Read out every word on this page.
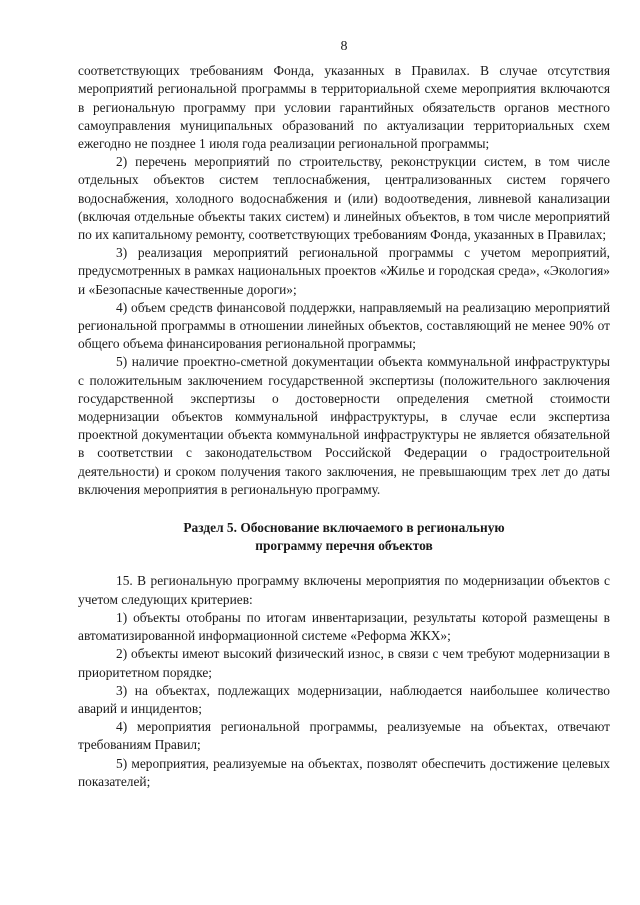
8

соответствующих требованиям Фонда, указанных в Правилах. В случае отсутствия мероприятий региональной программы в территориальной схеме мероприятия включаются в региональную программу при условии гарантийных обязательств органов местного самоуправления муниципальных образований по актуализации территориальных схем ежегодно не позднее 1 июля года реализации региональной программы;

2) перечень мероприятий по строительству, реконструкции систем, в том числе отдельных объектов систем теплоснабжения, централизованных систем горячего водоснабжения, холодного водоснабжения и (или) водоотведения, ливневой канализации (включая отдельные объекты таких систем) и линейных объектов, в том числе мероприятий по их капитальному ремонту, соответствующих требованиям Фонда, указанных в Правилах;

3) реализация мероприятий региональной программы с учетом мероприятий, предусмотренных в рамках национальных проектов «Жилье и городская среда», «Экология» и «Безопасные качественные дороги»;

4) объем средств финансовой поддержки, направляемый на реализацию мероприятий региональной программы в отношении линейных объектов, составляющий не менее 90% от общего объема финансирования региональной программы;

5) наличие проектно-сметной документации объекта коммунальной инфраструктуры с положительным заключением государственной экспертизы (положительного заключения государственной экспертизы о достоверности определения сметной стоимости модернизации объектов коммунальной инфраструктуры, в случае если экспертиза проектной документации объекта коммунальной инфраструктуры не является обязательной в соответствии с законодательством Российской Федерации о градостроительной деятельности) и сроком получения такого заключения, не превышающим трех лет до даты включения мероприятия в региональную программу.

Раздел 5. Обоснование включаемого в региональную
программу перечня объектов

15. В региональную программу включены мероприятия по модернизации объектов с учетом следующих критериев:

1) объекты отобраны по итогам инвентаризации, результаты которой размещены в автоматизированной информационной системе «Реформа ЖКХ»;

2) объекты имеют высокий физический износ, в связи с чем требуют модернизации в приоритетном порядке;

3) на объектах, подлежащих модернизации, наблюдается наибольшее количество аварий и инцидентов;

4) мероприятия региональной программы, реализуемые на объектах, отвечают требованиям Правил;

5) мероприятия, реализуемые на объектах, позволят обеспечить достижение целевых показателей;
